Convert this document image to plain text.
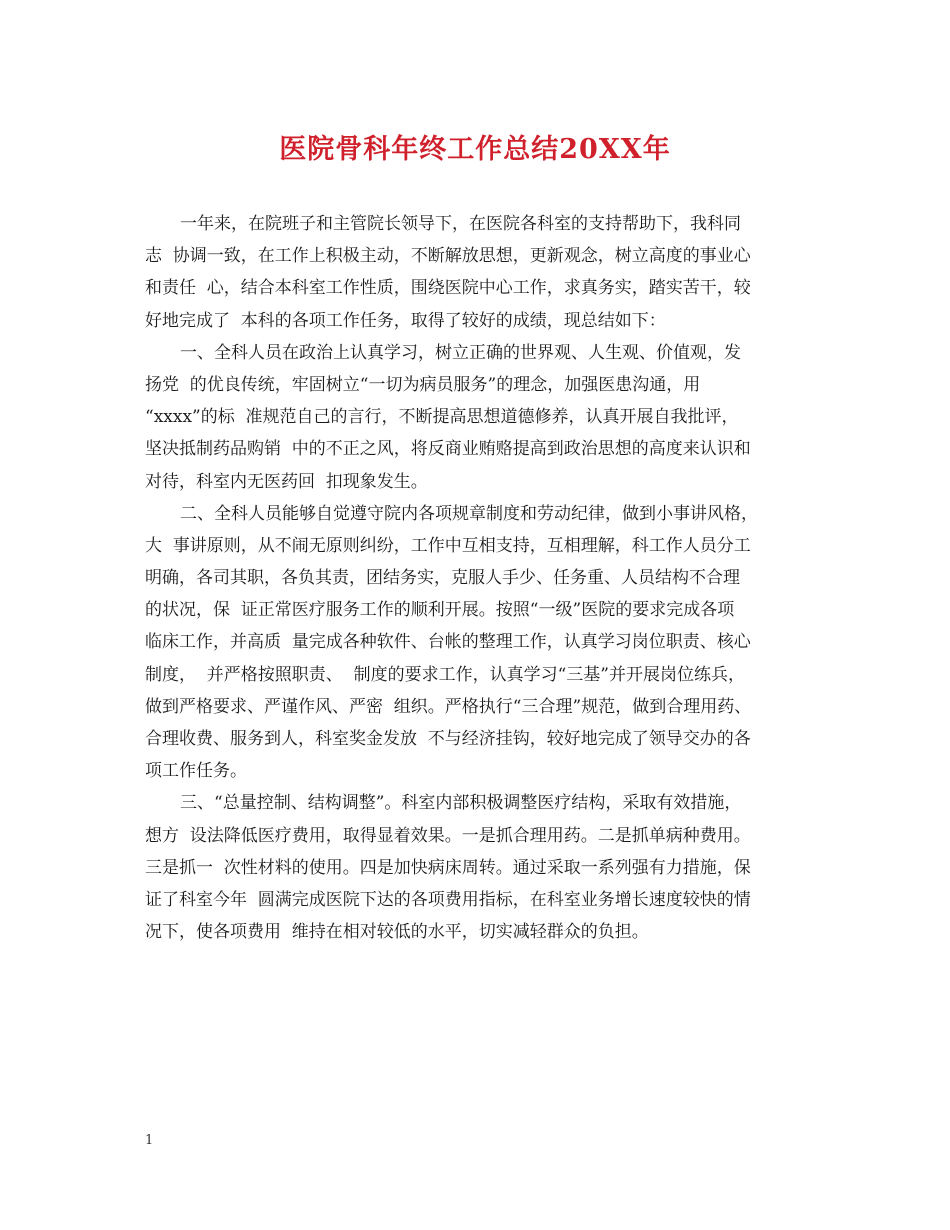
医院骨科年终工作总结20XX年
一年来，在院班子和主管院长领导下，在医院各科室的支持帮助下，我科同
志  协调一致，在工作上积极主动，不断解放思想，更新观念，树立高度的事业心
和责任  心，结合本科室工作性质，围绕医院中心工作，求真务实，踏实苦干，较
好地完成了  本科的各项工作任务，取得了较好的成绩，现总结如下：
一、全科人员在政治上认真学习，树立正确的世界观、人生观、价值观，发
扬党  的优良传统，牢固树立“一切为病员服务”的理念，加强医患沟通，用
“xxxx”的标  准规范自己的言行，不断提高思想道德修养，认真开展自我批评，
坚决抵制药品购销  中的不正之风，将反商业贿赂提高到政治思想的高度来认识和
对待，科室内无医药回  扣现象发生。
二、全科人员能够自觉遵守院内各项规章制度和劳动纪律，做到小事讲风格，
大  事讲原则，从不闹无原则纠纷，工作中互相支持，互相理解，科工作人员分工
明确，各司其职，各负其责，团结务实，克服人手少、任务重、人员结构不合理
的状况，保  证正常医疗服务工作的顺利开展。按照“一级”医院的要求完成各项
临床工作，并高质  量完成各种软件、台帐的整理工作，认真学习岗位职责、核心
制度，  并严格按照职责、  制度的要求工作，认真学习“三基”并开展岗位练兵，
做到严格要求、严谨作风、严密  组织。严格执行“三合理”规范，做到合理用药、
合理收费、服务到人，科室奖金发放  不与经济挂钩，较好地完成了领导交办的各
项工作任务。
三、“总量控制、结构调整”。科室内部积极调整医疗结构，采取有效措施，
想方  设法降低医疗费用，取得显着效果。一是抓合理用药。二是抓单病种费用。
三是抓一  次性材料的使用。四是加快病床周转。通过采取一系列强有力措施，保
证了科室今年  圆满完成医院下达的各项费用指标，在科室业务增长速度较快的情
况下，使各项费用  维持在相对较低的水平，切实减轻群众的负担。
1
